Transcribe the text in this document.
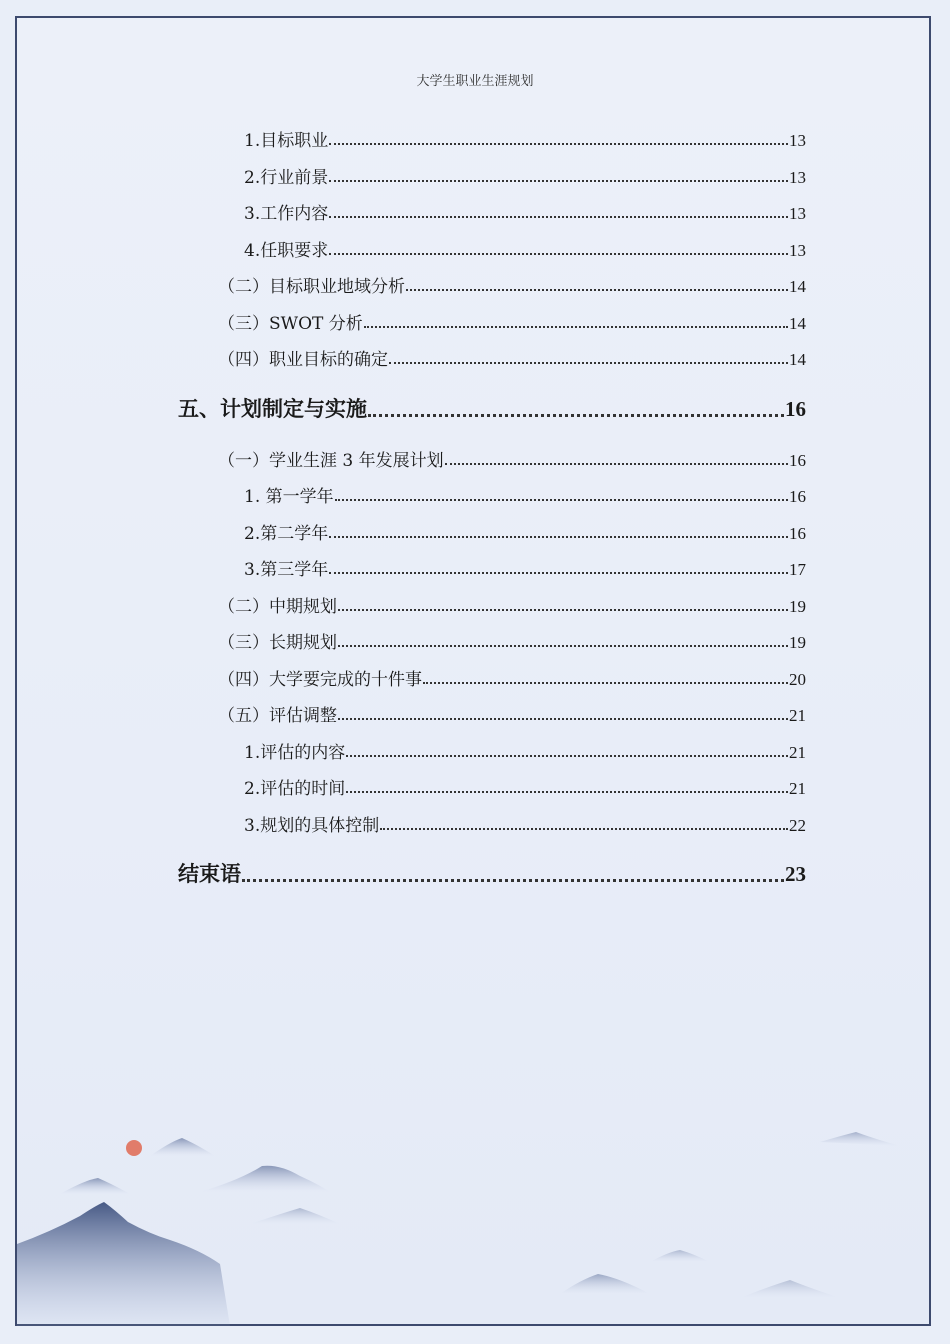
大学生职业生涯规划
1.目标职业	13
2.行业前景	13
3.工作内容	13
4.任职要求	13
（二）目标职业地域分析	14
（三）SWOT 分析	14
（四）职业目标的确定	14
五、计划制定与实施	16
（一）学业生涯 3 年发展计划	16
1. 第一学年	16
2.第二学年	16
3.第三学年	17
（二）中期规划	19
（三）长期规划	19
（四）大学要完成的十件事	20
（五）评估调整	21
1.评估的内容	21
2.评估的时间	21
3.规划的具体控制	22
结束语	23
